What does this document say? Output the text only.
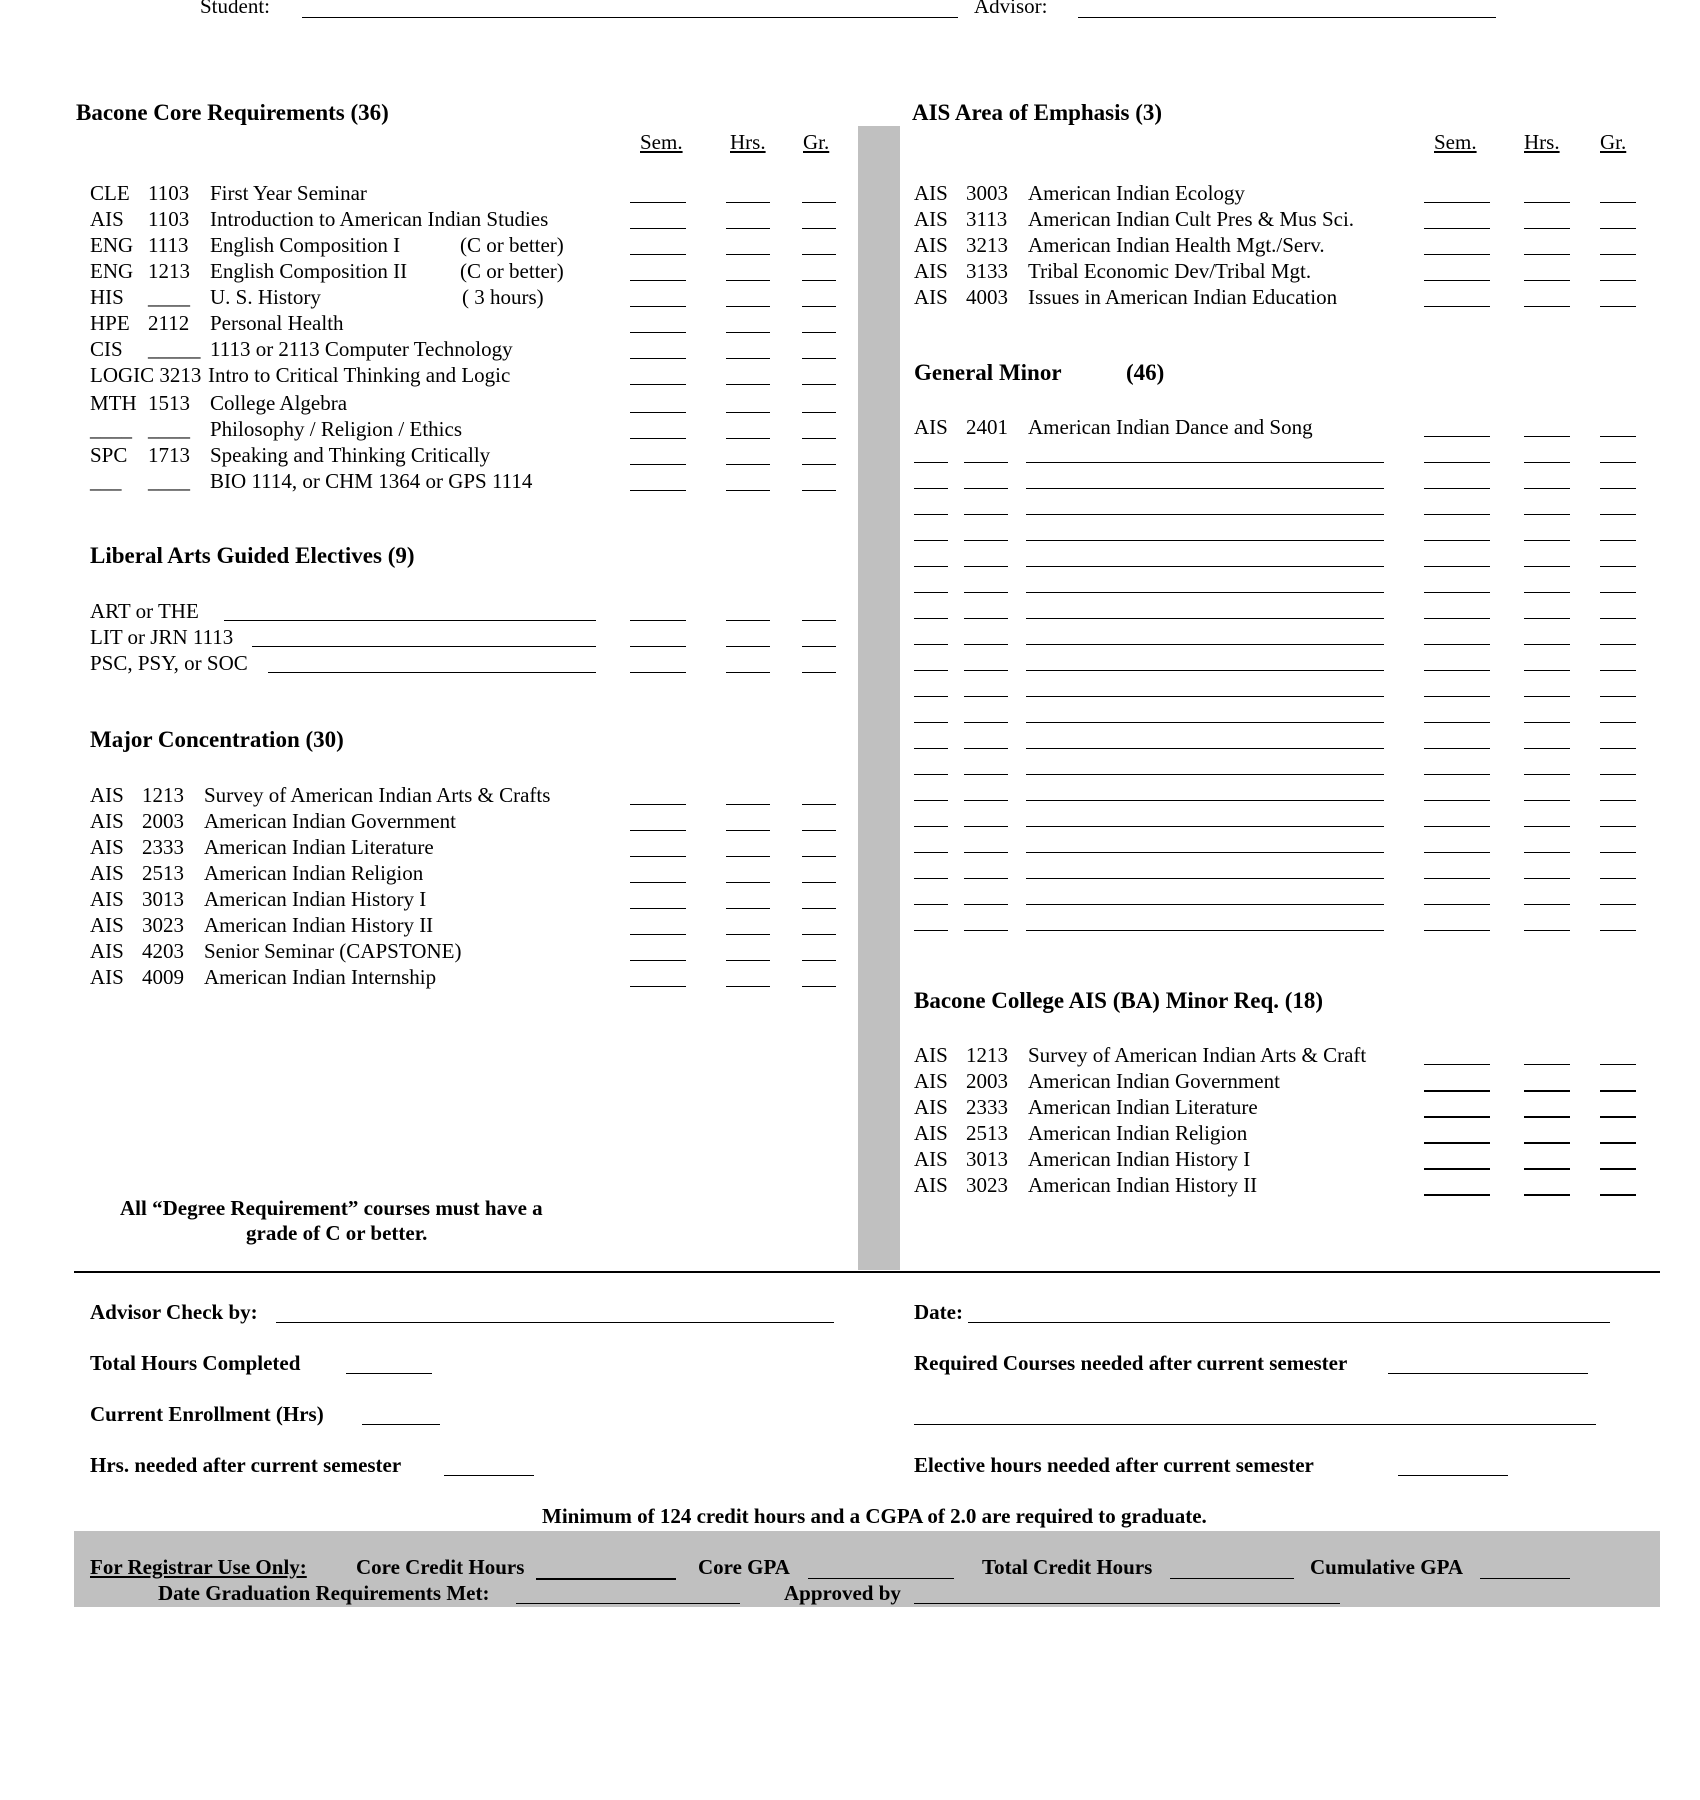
Student:	Advisor:
Bacone Core Requirements (36)
Sem. Hrs. Gr.
CLE 1103 First Year Seminar
AIS 1103 Introduction to American Indian Studies
ENG 1113 English Composition I	(C or better)
ENG 1213 English Composition II	(C or better)
HIS ____ U. S. History	( 3 hours)
HPE 2112 Personal Health
CIS _____ 1113 or 2113 Computer Technology
LOGIC 3213 Intro to Critical Thinking and Logic
MTH 1513 College Algebra
____ ____ Philosophy / Religion / Ethics
SPC 1713 Speaking and Thinking Critically
___ ____ BIO 1114, or CHM 1364 or GPS 1114
Liberal Arts Guided Electives (9)
ART or THE
LIT or JRN 1113
PSC, PSY, or SOC
Major Concentration (30)
AIS 1213 Survey of American Indian Arts & Crafts
AIS 2003 American Indian Government
AIS 2333 American Indian Literature
AIS 2513 American Indian Religion
AIS 3013 American Indian History I
AIS 3023 American Indian History II
AIS 4203 Senior Seminar (CAPSTONE)
AIS 4009 American Indian Internship
All “Degree Requirement” courses must have a
grade of C or better.
AIS Area of Emphasis (3)
Sem. Hrs. Gr.
AIS 3003 American Indian Ecology
AIS 3113 American Indian Cult Pres & Mus Sci.
AIS 3213 American Indian Health Mgt./Serv.
AIS 3133 Tribal Economic Dev/Tribal Mgt.
AIS 4003 Issues in American Indian Education
General Minor	(46)
AIS 2401 American Indian Dance and Song
Bacone College AIS (BA) Minor Req. (18)
AIS 1213 Survey of American Indian Arts & Craft
AIS 2003 American Indian Government
AIS 2333 American Indian Literature
AIS 2513 American Indian Religion
AIS 3013 American Indian History I
AIS 3023 American Indian History II
Advisor Check by:	Date:
Total Hours Completed	Required Courses needed after current semester
Current Enrollment (Hrs)
Hrs. needed after current semester	Elective hours needed after current semester
Minimum of 124 credit hours and a CGPA of 2.0 are required to graduate.
For Registrar Use Only: Core Credit Hours	Core GPA	Total Credit Hours	Cumulative GPA
Date Graduation Requirements Met:	Approved by
